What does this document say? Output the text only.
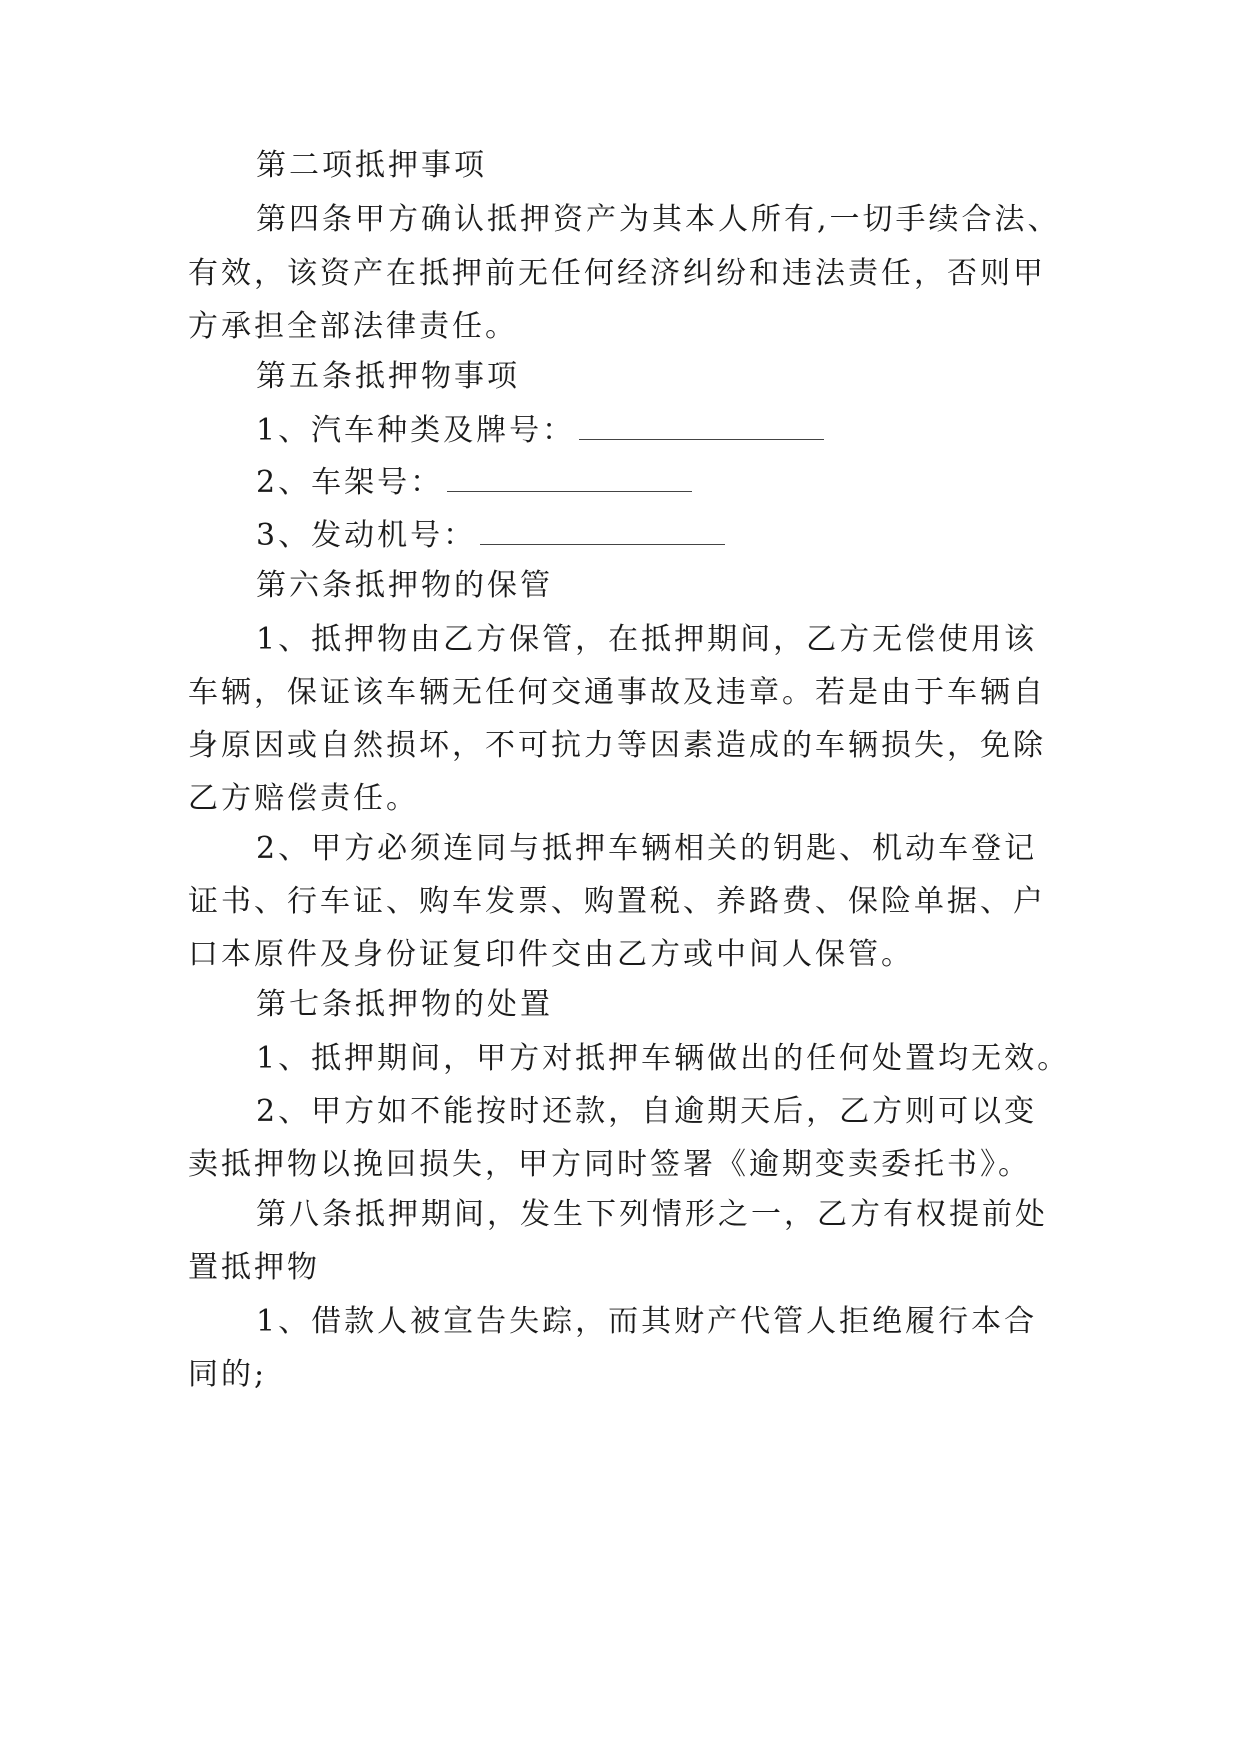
第二项抵押事项
第四条甲方确认抵押资产为其本人所有,一切手续合法、
有效，该资产在抵押前无任何经济纠纷和违法责任，否则甲
方承担全部法律责任。
第五条抵押物事项
1、汽车种类及牌号：
2、车架号：
3、发动机号：
第六条抵押物的保管
1、抵押物由乙方保管，在抵押期间，乙方无偿使用该
车辆，保证该车辆无任何交通事故及违章。若是由于车辆自
身原因或自然损坏，不可抗力等因素造成的车辆损失，免除
乙方赔偿责任。
2、甲方必须连同与抵押车辆相关的钥匙、机动车登记
证书、行车证、购车发票、购置税、养路费、保险单据、户
口本原件及身份证复印件交由乙方或中间人保管。
第七条抵押物的处置
1、抵押期间，甲方对抵押车辆做出的任何处置均无效。
2、甲方如不能按时还款，自逾期天后，乙方则可以变
卖抵押物以挽回损失，甲方同时签署《逾期变卖委托书》。
第八条抵押期间，发生下列情形之一，乙方有权提前处
置抵押物
1、借款人被宣告失踪，而其财产代管人拒绝履行本合
同的;
